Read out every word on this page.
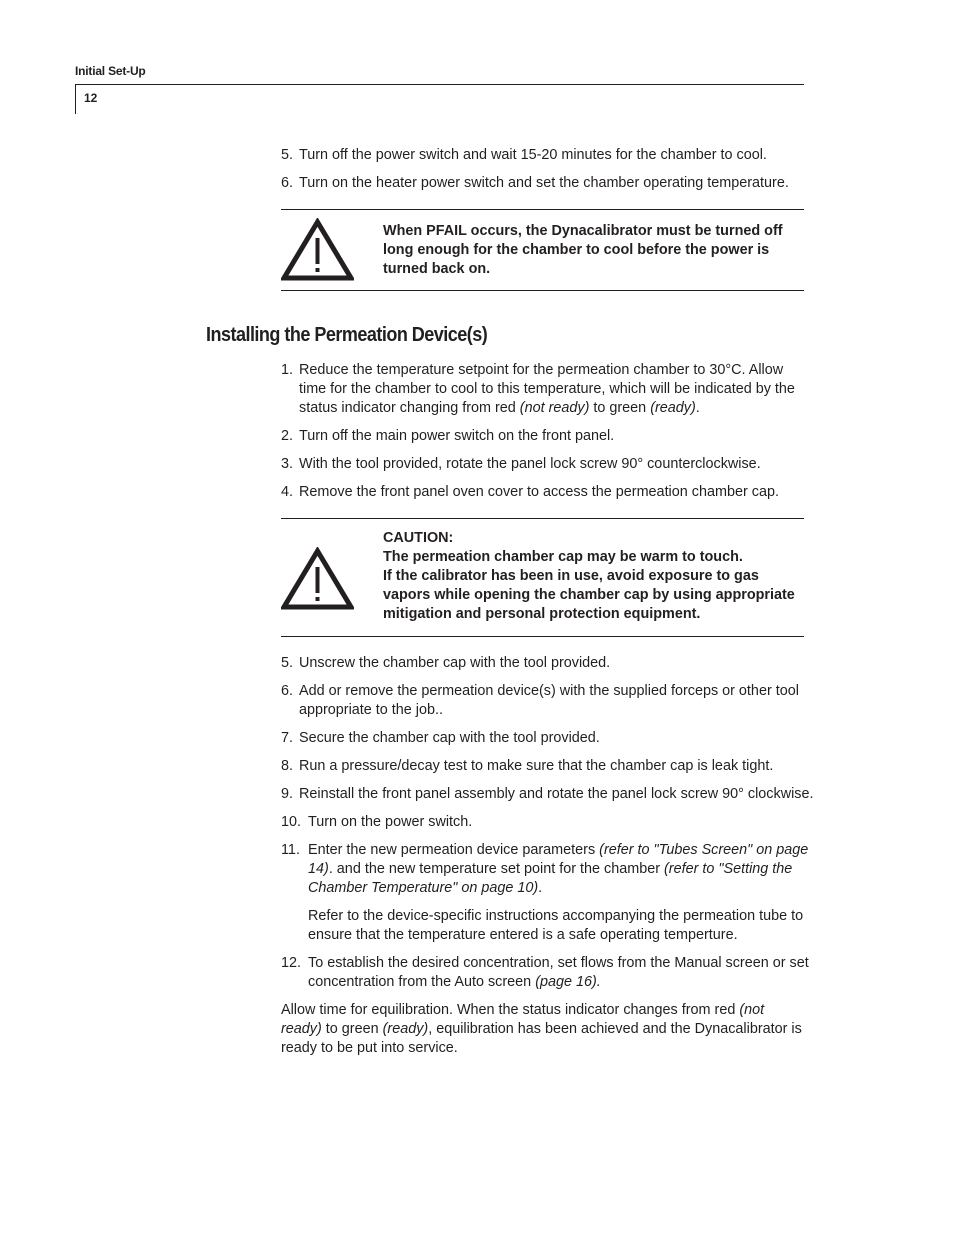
Initial Set-Up
12
5. Turn off the power switch and wait 15-20 minutes for the chamber to cool.
6. Turn on the heater power switch and set the chamber operating temperature.
When PFAIL occurs, the Dynacalibrator must be turned off long enough for the chamber to cool before the power is turned back on.
Installing the Permeation Device(s)
1. Reduce the temperature setpoint for the permeation chamber to 30°C. Allow time for the chamber to cool to this temperature, which will be indicated by the status indicator changing from red (not ready) to green (ready).
2. Turn off the main power switch on the front panel.
3. With the tool provided, rotate the panel lock screw 90° counterclockwise.
4. Remove the front panel oven cover to access the permeation chamber cap.
CAUTION:
The permeation chamber cap may be warm to touch.
If the calibrator has been in use, avoid exposure to gas vapors while opening the chamber cap by using appropriate mitigation and personal protection equipment.
5. Unscrew the chamber cap with the tool provided.
6. Add or remove the permeation device(s) with the supplied forceps or other tool appropriate to the job..
7. Secure the chamber cap with the tool provided.
8. Run a pressure/decay test to make sure that the chamber cap is leak tight.
9. Reinstall the front panel assembly and rotate the panel lock screw 90° clockwise.
10. Turn on the power switch.
11. Enter the new permeation device parameters (refer to "Tubes Screen" on page 14). and the new temperature set point for the chamber (refer to "Setting the Chamber Temperature" on page 10).

Refer to the device-specific instructions accompanying the permeation tube to ensure that the temperature entered is a safe operating temperture.

12. To establish the desired concentration, set flows from the Manual screen or set concentration from the Auto screen (page 16).

Allow time for equilibration. When the status indicator changes from red (not ready) to green (ready), equilibration has been achieved and the Dynacalibrator is ready to be put into service.
